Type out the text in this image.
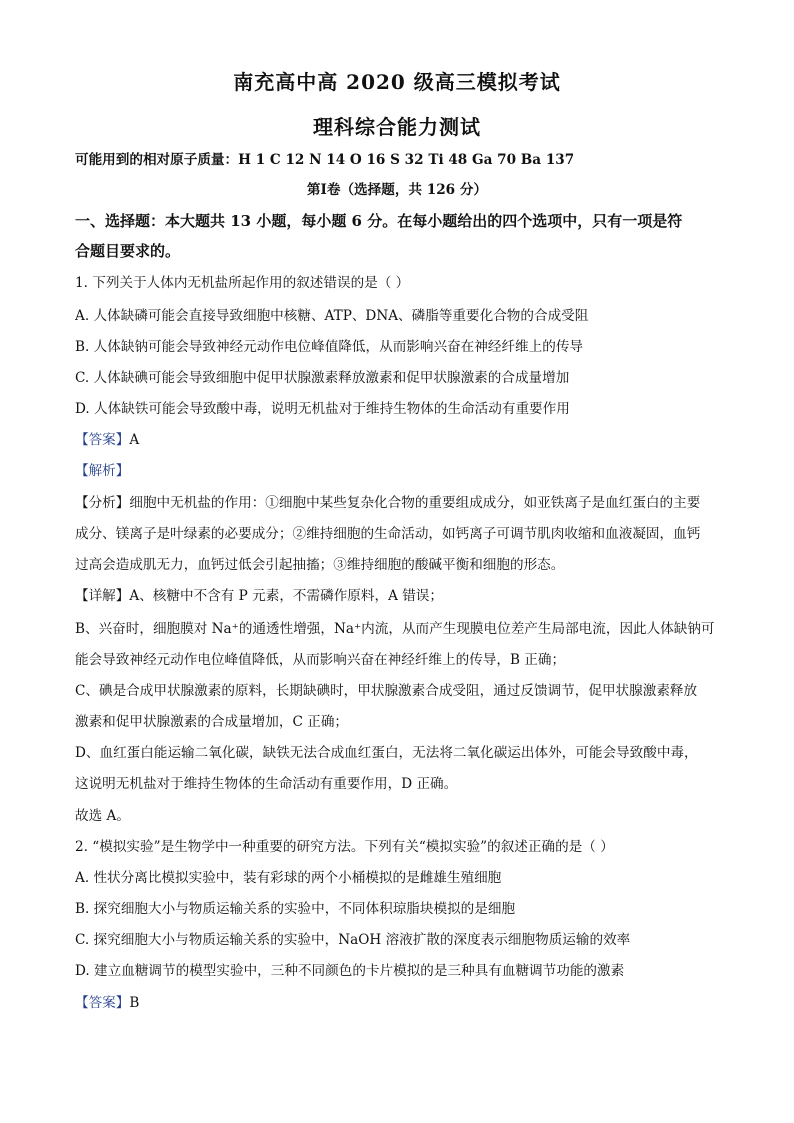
南充高中高 2020 级高三模拟考试
理科综合能力测试
可能用到的相对原子质量：H 1 C 12 N 14 O 16 S 32 Ti 48 Ga 70 Ba 137
第Ⅰ卷（选择题，共 126 分）
一、选择题：本大题共 13 小题，每小题 6 分。在每小题给出的四个选项中，只有一项是符
合题目要求的。
1. 下列关于人体内无机盐所起作用的叙述错误的是（ ）
A. 人体缺磷可能会直接导致细胞中核糖、ATP、DNA、磷脂等重要化合物的合成受阻
B. 人体缺钠可能会导致神经元动作电位峰值降低，从而影响兴奋在神经纤维上的传导
C. 人体缺碘可能会导致细胞中促甲状腺激素释放激素和促甲状腺激素的合成量增加
D. 人体缺铁可能会导致酸中毒，说明无机盐对于维持生物体的生命活动有重要作用
【答案】A
【解析】
【分析】细胞中无机盐的作用：①细胞中某些复杂化合物的重要组成成分，如亚铁离子是血红蛋白的主要
成分、镁离子是叶绿素的必要成分；②维持细胞的生命活动，如钙离子可调节肌肉收缩和血液凝固，血钙
过高会造成肌无力，血钙过低会引起抽搐；③维持细胞的酸碱平衡和细胞的形态。
【详解】A、核糖中不含有 P 元素，不需磷作原料，A 错误；
B、兴奋时，细胞膜对 Na⁺的通透性增强，Na⁺内流，从而产生现膜电位差产生局部电流，因此人体缺钠可
能会导致神经元动作电位峰值降低，从而影响兴奋在神经纤维上的传导，B 正确；
C、碘是合成甲状腺激素的原料，长期缺碘时，甲状腺激素合成受阻，通过反馈调节，促甲状腺激素释放
激素和促甲状腺激素的合成量增加，C 正确；
D、血红蛋白能运输二氧化碳，缺铁无法合成血红蛋白，无法将二氧化碳运出体外，可能会导致酸中毒，
这说明无机盐对于维持生物体的生命活动有重要作用，D 正确。
故选 A。
2. “模拟实验”是生物学中一种重要的研究方法。下列有关“模拟实验”的叙述正确的是（ ）
A. 性状分离比模拟实验中，装有彩球的两个小桶模拟的是雌雄生殖细胞
B. 探究细胞大小与物质运输关系的实验中，不同体积琼脂块模拟的是细胞
C. 探究细胞大小与物质运输关系的实验中，NaOH 溶液扩散的深度表示细胞物质运输的效率
D. 建立血糖调节的模型实验中，三种不同颜色的卡片模拟的是三种具有血糖调节功能的激素
【答案】B
